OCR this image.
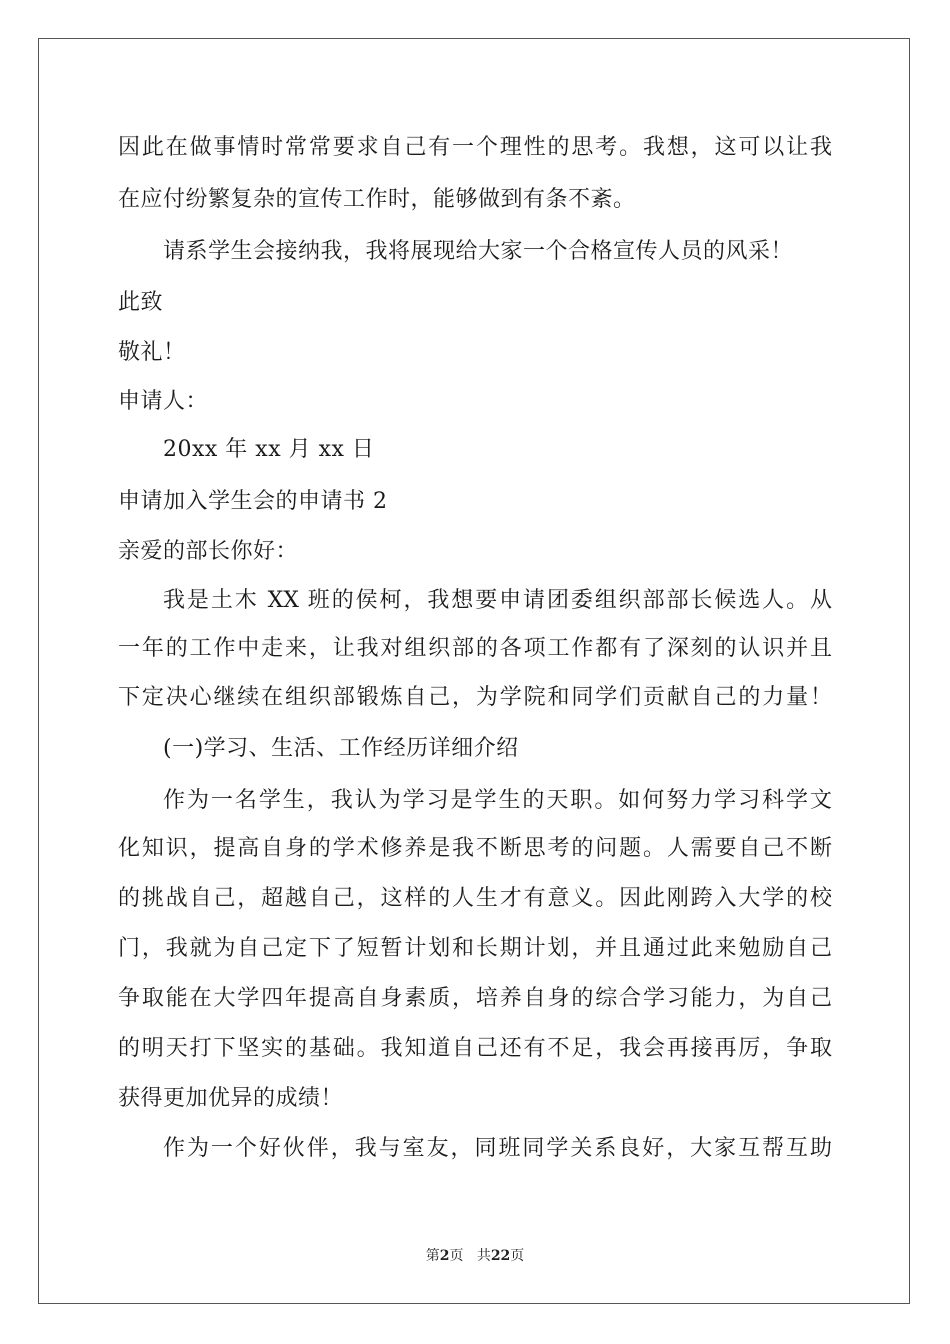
因此在做事情时常常要求自己有一个理性的思考。我想，这可以让我
在应付纷繁复杂的宣传工作时，能够做到有条不紊。
请系学生会接纳我，我将展现给大家一个合格宣传人员的风采！
此致
敬礼！
申请人：
20xx 年 xx 月 xx 日
申请加入学生会的申请书 2
亲爱的部长你好：
我是土木 XX 班的侯柯，我想要申请团委组织部部长候选人。从
一年的工作中走来，让我对组织部的各项工作都有了深刻的认识并且
下定决心继续在组织部锻炼自己，为学院和同学们贡献自己的力量！
(一)学习、生活、工作经历详细介绍
作为一名学生，我认为学习是学生的天职。如何努力学习科学文
化知识，提高自身的学术修养是我不断思考的问题。人需要自己不断
的挑战自己，超越自己，这样的人生才有意义。因此刚跨入大学的校
门，我就为自己定下了短暂计划和长期计划，并且通过此来勉励自己
争取能在大学四年提高自身素质，培养自身的综合学习能力，为自己
的明天打下坚实的基础。我知道自己还有不足，我会再接再厉，争取
获得更加优异的成绩！
作为一个好伙伴，我与室友，同班同学关系良好，大家互帮互助
第2页 共22页
